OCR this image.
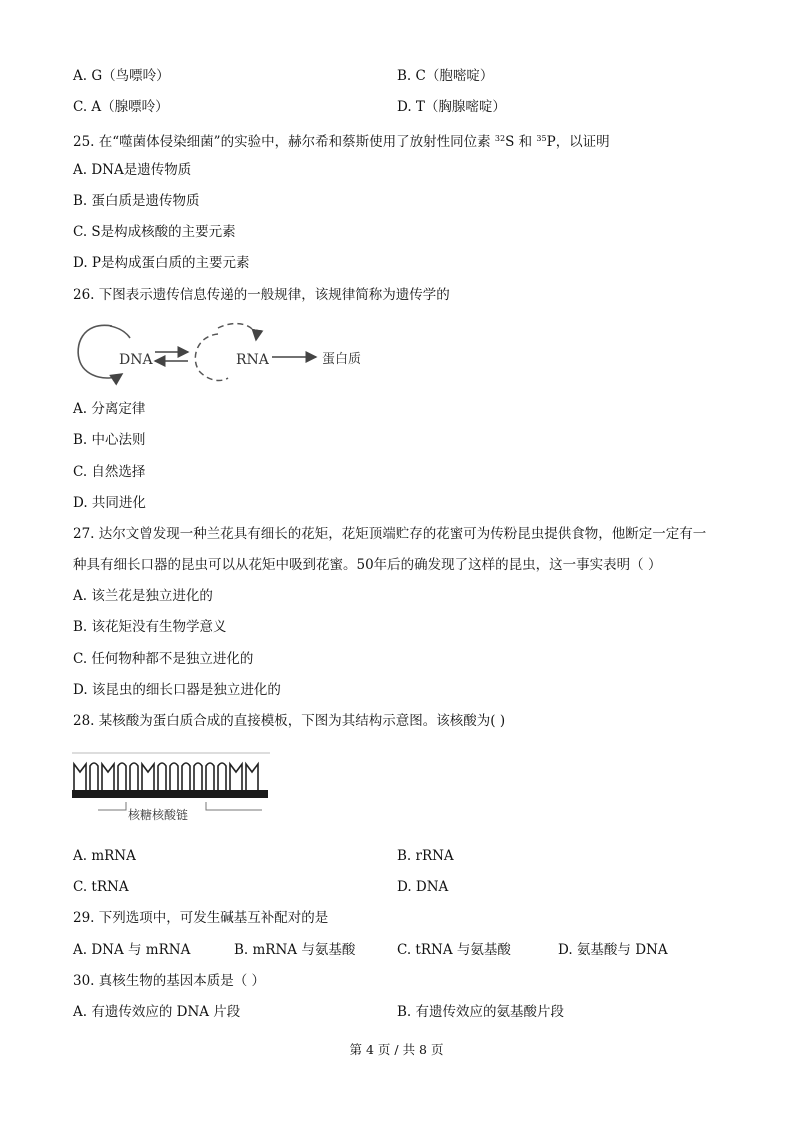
A. G（鸟嘌呤）	B. C（胞嘧啶）
C. A（腺嘌呤）	D. T（胸腺嘧啶）
25. 在“噬菌体侵染细菌”的实验中，赫尔希和蔡斯使用了放射性同位素 $^{32}$S 和 $^{35}$P，以证明
A. DNA是遗传物质
B. 蛋白质是遗传物质
C. S是构成核酸的主要元素
D. P是构成蛋白质的主要元素
26. 下图表示遗传信息传递的一般规律，该规律简称为遗传学的
DNA	RNA	蛋白质
A. 分离定律
B. 中心法则
C. 自然选择
D. 共同进化
27. 达尔文曾发现一种兰花具有细长的花矩，花矩顶端贮存的花蜜可为传粉昆虫提供食物，他断定一定有一
种具有细长口器的昆虫可以从花矩中吸到花蜜。50年后的确发现了这样的昆虫，这一事实表明（ ）
A. 该兰花是独立进化的
B. 该花矩没有生物学意义
C. 任何物种都不是独立进化的
D. 该昆虫的细长口器是独立进化的
28. 某核酸为蛋白质合成的直接模板，下图为其结构示意图。该核酸为( )
核糖核酸链
A. mRNA	B. rRNA
C. tRNA	D. DNA
29. 下列选项中，可发生碱基互补配对的是
A. DNA 与 mRNA	B. mRNA 与氨基酸	C. tRNA 与氨基酸	D. 氨基酸与 DNA
30. 真核生物的基因本质是（ ）
A. 有遗传效应的 DNA 片段	B. 有遗传效应的氨基酸片段
第 4 页 / 共 8 页
